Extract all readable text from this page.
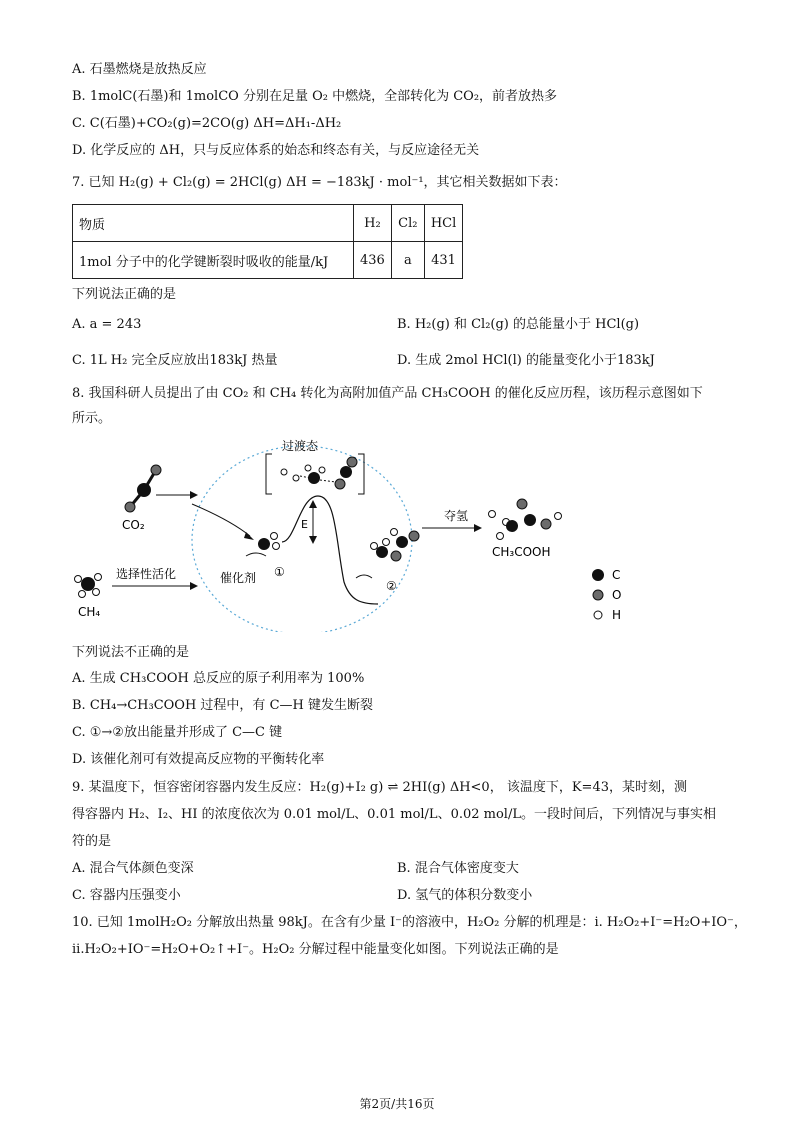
A. 石墨燃烧是放热反应
B. 1molC(石墨)和 1molCO 分别在足量 O₂ 中燃烧，全部转化为 CO₂，前者放热多
C. C(石墨)+CO₂(g)=2CO(g) ΔH=ΔH₁-ΔH₂
D. 化学反应的 ΔH，只与反应体系的始态和终态有关，与反应途径无关
7. 已知 H₂(g) + Cl₂(g) = 2HCl(g) ΔH = −183kJ · mol⁻¹，其它相关数据如下表：
物质	H₂	Cl₂	HCl
1mol 分子中的化学键断裂时吸收的能量/kJ	436	a	431
下列说法正确的是
A. a = 243	B. H₂(g) 和 Cl₂(g) 的总能量小于 HCl(g)
C. 1L H₂ 完全反应放出183kJ 热量	D. 生成 2mol HCl(l) 的能量变化小于183kJ
8. 我国科研人员提出了由 CO₂ 和 CH₄ 转化为高附加值产品 CH₃COOH 的催化反应历程，该历程示意图如下
所示。
CO₂
CH₄
选择性活化	催化剂 ①
E
过渡态
②
夺氢
CH₃COOH
C
O
H
下列说法不正确的是
A. 生成 CH₃COOH 总反应的原子利用率为 100%
B. CH₄→CH₃COOH 过程中，有 C—H 键发生断裂
C. ①→②放出能量并形成了 C—C 键
D. 该催化剂可有效提高反应物的平衡转化率
9. 某温度下，恒容密闭容器内发生反应：H₂(g)+I₂ g) ⇌ 2HI(g) ΔH<0， 该温度下，K=43，某时刻，测
得容器内 H₂、I₂、HI 的浓度依次为 0.01 mol/L、0.01 mol/L、0.02 mol/L。一段时间后，下列情况与事实相
符的是
A. 混合气体颜色变深	B. 混合气体密度变大
C. 容器内压强变小	D. 氢气的体积分数变小
10. 已知 1molH₂O₂ 分解放出热量 98kJ。在含有少量 I⁻的溶液中，H₂O₂ 分解的机理是：i. H₂O₂+I⁻=H₂O+IO⁻，
ii.H₂O₂+IO⁻=H₂O+O₂↑+I⁻。H₂O₂ 分解过程中能量变化如图。下列说法正确的是
第2页/共16页
